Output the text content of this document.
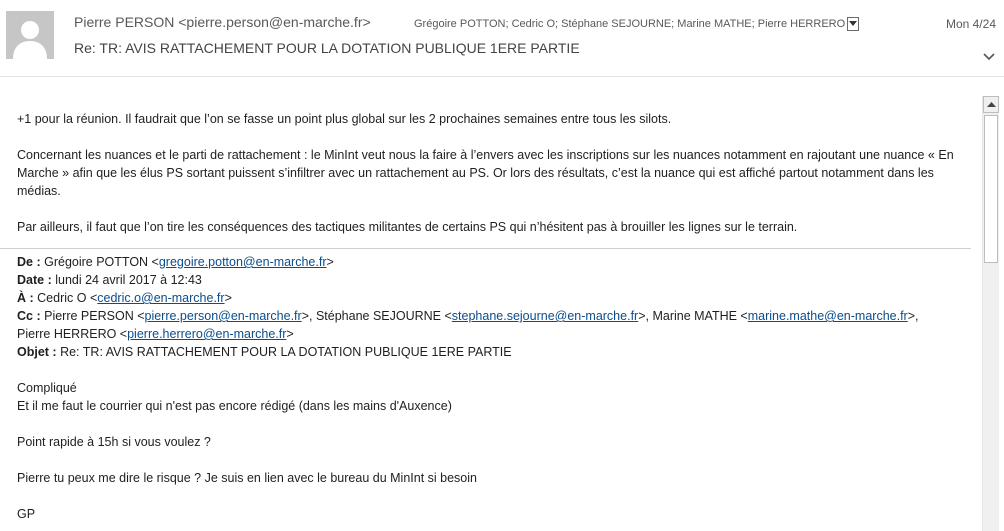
Pierre PERSON <pierre.person@en-marche.fr>	Grégoire POTTON; Cedric O; Stéphane SEJOURNE; Marine MATHE; Pierre HERRERO	Mon 4/24
Re: TR: AVIS RATTACHEMENT POUR LA DOTATION PUBLIQUE 1ERE PARTIE

+1 pour la réunion. Il faudrait que l’on se fasse un point plus global sur les 2 prochaines semaines entre tous les silots.

Concernant les nuances et le parti de rattachement : le MinInt veut nous la faire à l’envers avec les inscriptions sur les nuances notamment en rajoutant une nuance « En Marche » afin que les élus PS sortant puissent s’infiltrer avec un rattachement au PS. Or lors des résultats, c’est la nuance qui est affiché partout notamment dans les médias.

Par ailleurs, il faut que l’on tire les conséquences des tactiques militantes de certains PS qui n’hésitent pas à brouiller les lignes sur le terrain.

De : Grégoire POTTON <gregoire.potton@en-marche.fr>

Date : lundi 24 avril 2017 à 12:43

À : Cedric O <cedric.o@en-marche.fr>

Cc : Pierre PERSON <pierre.person@en-marche.fr>, Stéphane SEJOURNE <stephane.sejourne@en-marche.fr>, Marine MATHE <marine.mathe@en-marche.fr>,
Pierre HERRERO <pierre.herrero@en-marche.fr>

Objet : Re: TR: AVIS RATTACHEMENT POUR LA DOTATION PUBLIQUE 1ERE PARTIE

Compliqué

Et il me faut le courrier qui n'est pas encore rédigé (dans les mains d'Auxence)

Point rapide à 15h si vous voulez ?

Pierre tu peux me dire le risque ? Je suis en lien avec le bureau du MinInt si besoin

GP
